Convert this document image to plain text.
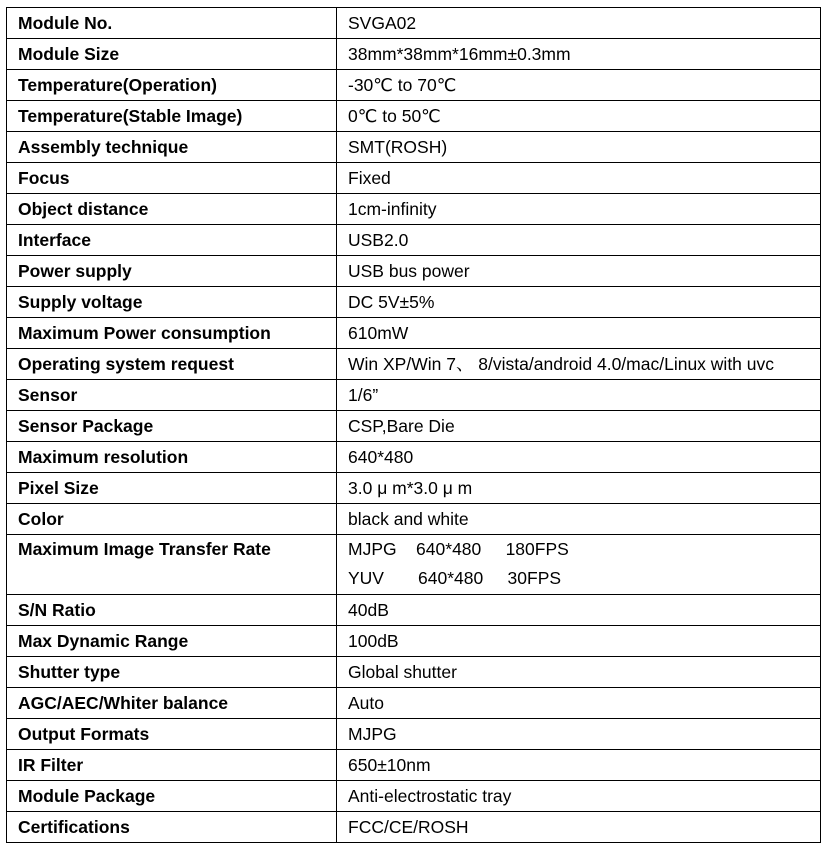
Module No.	SVGA02
Module Size	38mm*38mm*16mm±0.3mm
Temperature(Operation)	-30℃ to 70℃
Temperature(Stable Image)	0℃ to 50℃
Assembly technique	SMT(ROSH)
Focus	Fixed
Object distance	1cm-infinity
Interface	USB2.0
Power supply	USB bus power
Supply voltage	DC 5V±5%
Maximum Power consumption	610mW
Operating system request	Win XP/Win 7、 8/vista/android 4.0/mac/Linux with uvc
Sensor	1/6”
Sensor Package	CSP,Bare Die
Maximum resolution	640*480
Pixel Size	3.0 μ m*3.0 μ m
Color	black and white
Maximum Image Transfer Rate	MJPG    640*480     180FPS
YUV       640*480     30FPS

S/N Ratio	40dB
Max Dynamic Range	100dB
Shutter type	Global shutter
AGC/AEC/Whiter balance	Auto
Output Formats	MJPG
IR Filter	650±10nm
Module Package	Anti-electrostatic tray
Certifications	FCC/CE/ROSH
